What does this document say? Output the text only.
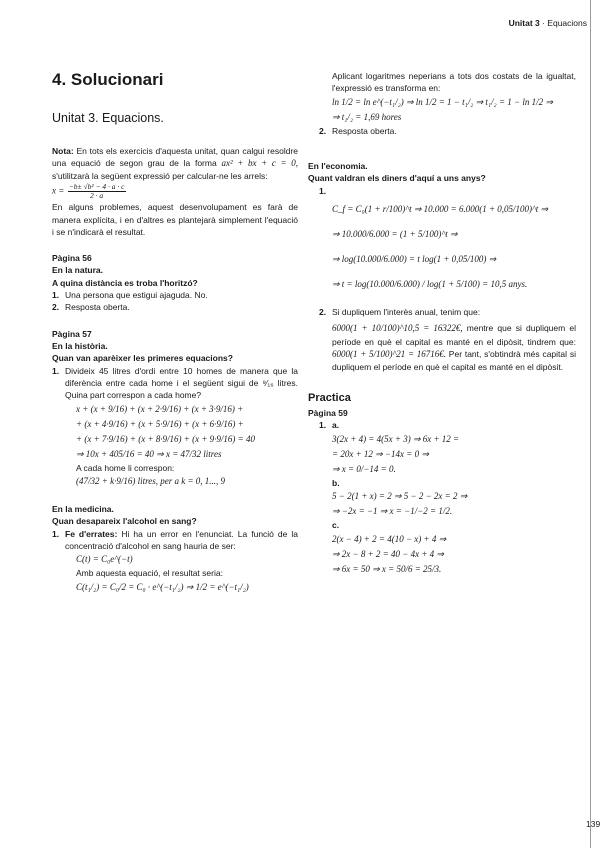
Unitat 3 · Equacions
139
4. Solucionari
Unitat 3. Equacions.

Nota: En tots els exercicis d'aquesta unitat, quan calgui resoldre una equació de segon grau de la forma ax² + bx + c = 0, s'utilitzarà la següent expressió per calcular-ne les arrels:

$x = \frac{\text{−b± √b² − 4 · a · c}}{2 \cdot a}$

En alguns problemes, aquest desenvolupament es farà de manera explícita, i en d'altres es plantejarà simplement l'equació i se n'indicarà el resultat.

Pàgina 56
En la natura.
A quina distància es troba l'horitzó?
1. Una persona que estigui ajaguda. No.
2. Resposta oberta.
Pàgina 57
En la història.
Quan van aparèixer les primeres equacions?
1. Divideix 45 litres d'ordi entre 10 homes de manera que la diferència entre cada home i el següent sigui de ⁹⁄₁₆ litres. Quina part correspon a cada home?
x + (x + 9/16) + (x + 2·9/16) + (x + 3·9/16) +
+ (x + 4·9/16) + (x + 5·9/16) + (x + 6·9/16) +
+ (x + 7·9/16) + (x + 8·9/16) + (x + 9·9/16) = 40
⇒ 10x + 405/16 = 40 ⇒ x = 47/32 litres
A cada home li correspon:
(47/32 + k·9/16) litres, per a k = 0, 1..., 9
En la medicina.
Quan desapareix l'alcohol en sang?
1. Fe d'errates: Hi ha un error en l'enunciat. La funció de la concentració d'alcohol en sang hauria de ser:
C(t) = C₀e^(−t)
Amb aquesta equació, el resultat seria:
C(t₁/₂) = C₀/2 = C₀ · e^(−t₁/₂) ⇒ 1/2 = e^(−t₁/₂)

Aplicant logaritmes neperians a tots dos costats de la igualtat, l'expressió es transforma en:

ln 1/2 = ln e^(−t₁/₂) ⇒ ln 1/2 = 1 − t₁/₂ ⇒ t₁/₂ = 1 − ln 1/2 ⇒
⇒ t₁/₂ = 1,69 hores
2. Resposta oberta.
En l'economia.
Quant valdran els diners d'aquí a uns anys?
1.
C_f = C₀(1 + r/100)^t ⇒ 10.000 = 6.000(1 + 0,05/100)^t ⇒
⇒ 10.000/6.000 = (1 + 5/100)^t ⇒
⇒ log(10.000/6.000) = t log(1 + 0,05/100) ⇒
⇒ t = log(10.000/6.000) / log(1 + 5/100) = 10,5 anys.
2. Si dupliquem l'interès anual, tenim que:

6000(1 + 10/100)^10,5 = 16322€, mentre que si dupliquem el període en què el capital es manté en el dipòsit, tindrem que: 6000(1 + 5/100)^21 = 16716€. Per tant, s'obtindrà més capital si dupliquem el període en què el capital es manté en el dipòsit.

Practica
Pàgina 59
1. a.
3(2x + 4) = 4(5x + 3) ⇒ 6x + 12 =
= 20x + 12 ⇒ −14x = 0 ⇒
⇒ x = 0/−14 = 0.
b.
5 − 2(1 + x) = 2 ⇒ 5 − 2 − 2x = 2 ⇒
⇒ −2x = −1 ⇒ x = −1/−2 = 1/2.
c.
2(x − 4) + 2 = 4(10 − x) + 4 ⇒
⇒ 2x − 8 + 2 = 40 − 4x + 4 ⇒
⇒ 6x = 50 ⇒ x = 50/6 = 25/3.
